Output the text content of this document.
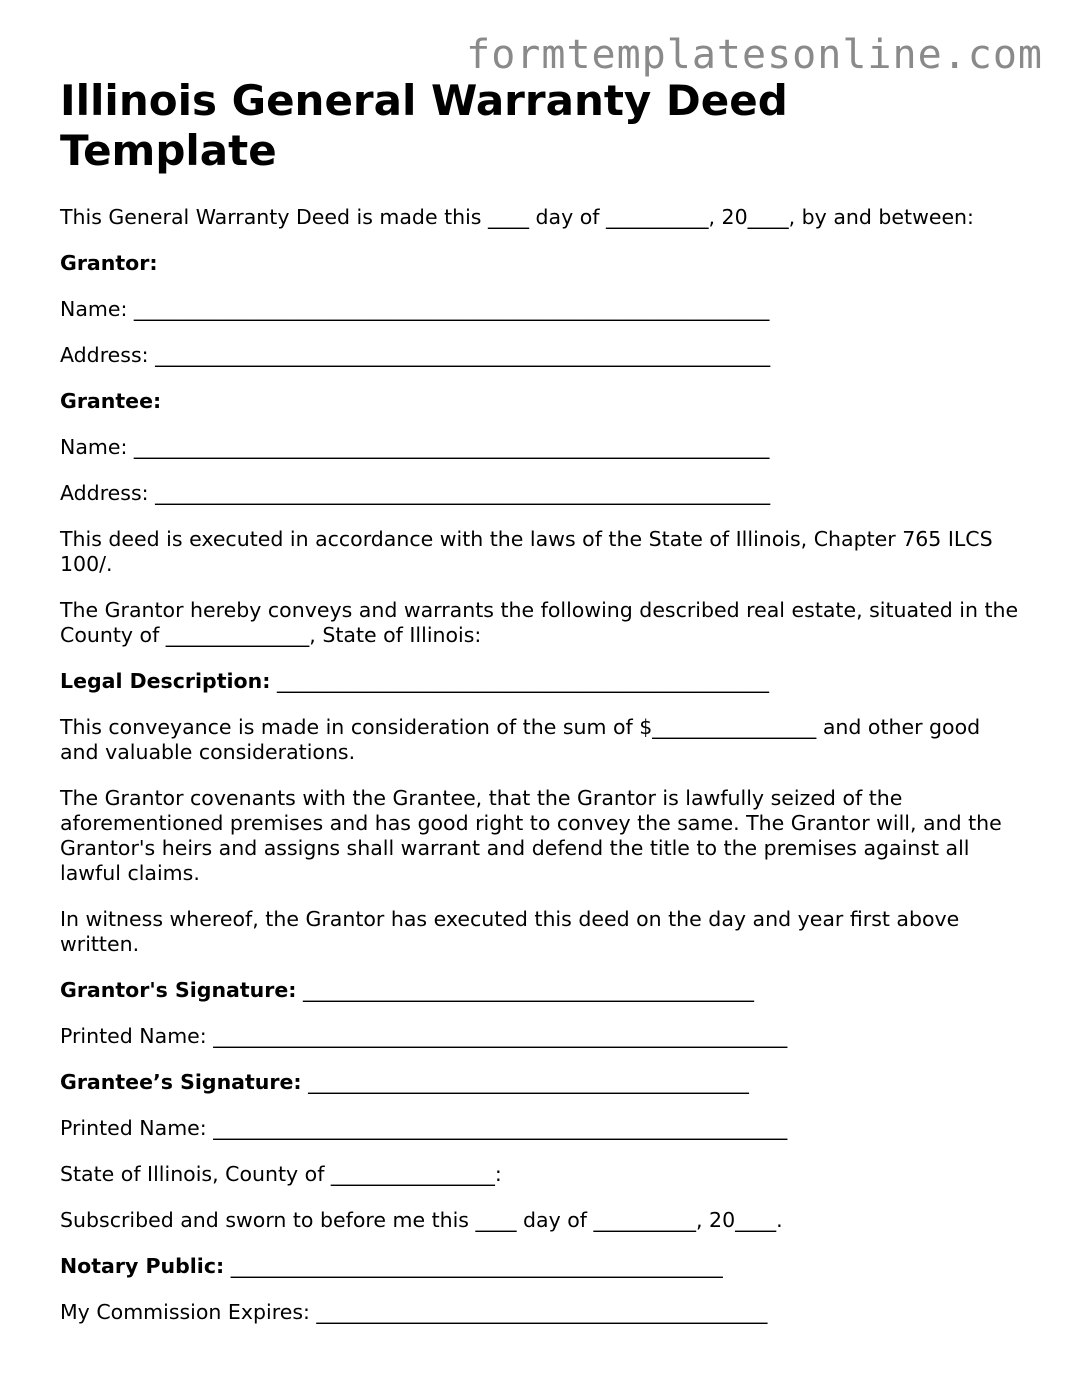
formtemplatesonline.com
Illinois General Warranty Deed Template

This General Warranty Deed is made this ____ day of __________, 20____, by and between:

Grantor:

Name: ______________________________________________________________

Address: ____________________________________________________________

Grantee:

Name: ______________________________________________________________

Address: ____________________________________________________________

This deed is executed in accordance with the laws of the State of Illinois, Chapter 765 ILCS 100/.

The Grantor hereby conveys and warrants the following described real estate, situated in the County of ______________, State of Illinois:

Legal Description: ________________________________________________

This conveyance is made in consideration of the sum of $________________ and other good and valuable considerations.

The Grantor covenants with the Grantee, that the Grantor is lawfully seized of the aforementioned premises and has good right to convey the same. The Grantor will, and the Grantor's heirs and assigns shall warrant and defend the title to the premises against all lawful claims.

In witness whereof, the Grantor has executed this deed on the day and year first above written.

Grantor's Signature: ____________________________________________

Printed Name: ________________________________________________________

Grantee’s Signature: ___________________________________________

Printed Name: ________________________________________________________

State of Illinois, County of ________________:

Subscribed and sworn to before me this ____ day of __________, 20____.

Notary Public: ________________________________________________

My Commission Expires: ____________________________________________
